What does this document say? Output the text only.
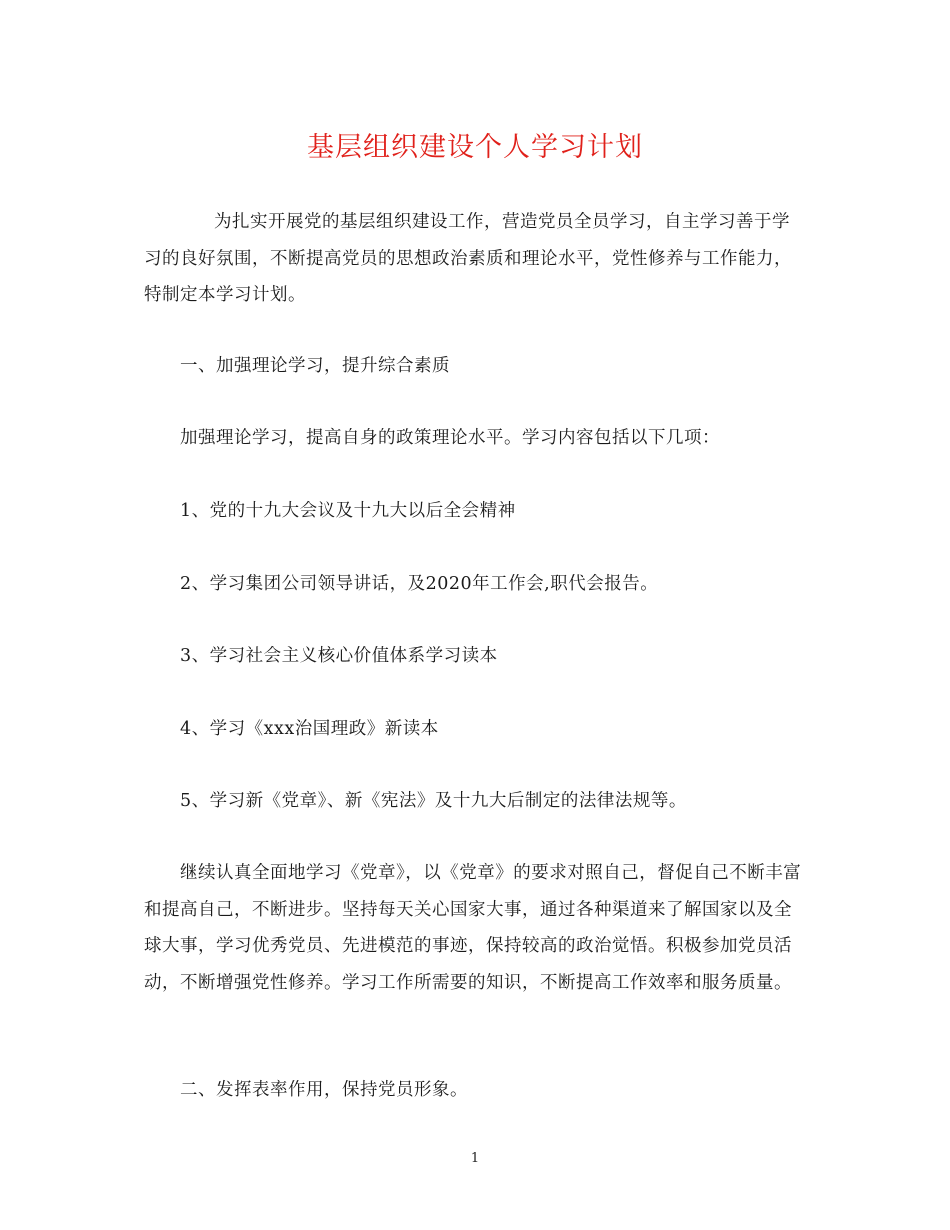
基层组织建设个人学习计划

为扎实开展党的基层组织建设工作，营造党员全员学习，自主学习善于学习的良好氛围，不断提高党员的思想政治素质和理论水平，党性修养与工作能力，特制定本学习计划。

一、加强理论学习，提升综合素质
加强理论学习，提高自身的政策理论水平。学习内容包括以下几项：
1、党的十九大会议及十九大以后全会精神
2、学习集团公司领导讲话，及2020年工作会,职代会报告。
3、学习社会主义核心价值体系学习读本
4、学习《xxx治国理政》新读本
5、学习新《党章》、新《宪法》及十九大后制定的法律法规等。

继续认真全面地学习《党章》，以《党章》的要求对照自己，督促自己不断丰富和提高自己，不断进步。坚持每天关心国家大事，通过各种渠道来了解国家以及全球大事，学习优秀党员、先进模范的事迹，保持较高的政治觉悟。积极参加党员活动，不断增强党性修养。学习工作所需要的知识，不断提高工作效率和服务质量。

二、发挥表率作用，保持党员形象。
1
